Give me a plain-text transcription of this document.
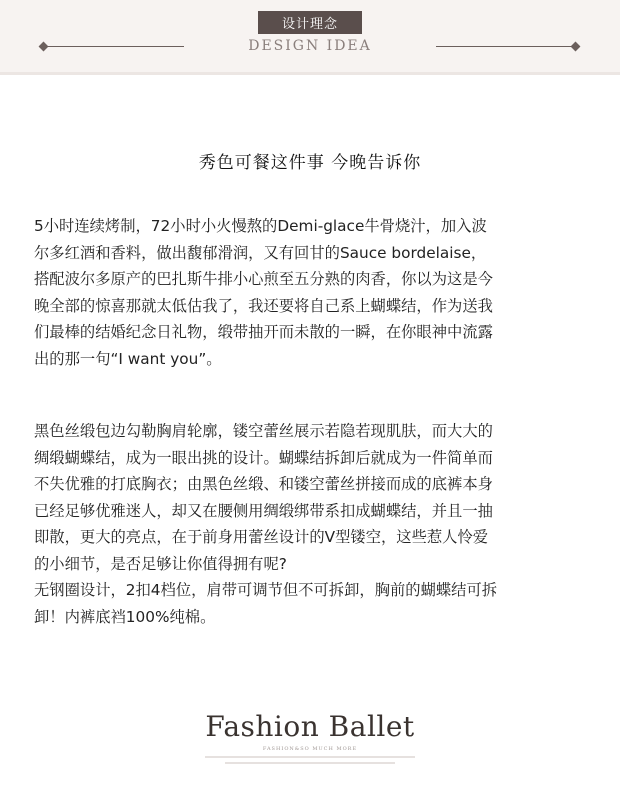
设计理念
DESIGN IDEA
秀色可餐这件事 今晚告诉你
5小时连续烤制，72小时小火慢熬的Demi-glace牛骨烧汁，加入波
尔多红酒和香料，做出馥郁滑润，又有回甘的Sauce bordelaise，
搭配波尔多原产的巴扎斯牛排小心煎至五分熟的肉香，你以为这是今
晚全部的惊喜那就太低估我了，我还要将自己系上蝴蝶结，作为送我
们最棒的结婚纪念日礼物，缎带抽开而未散的一瞬，在你眼神中流露
出的那一句“I want you”。
黑色丝缎包边勾勒胸肩轮廓，镂空蕾丝展示若隐若现肌肤，而大大的
绸缎蝴蝶结，成为一眼出挑的设计。蝴蝶结拆卸后就成为一件简单而
不失优雅的打底胸衣；由黑色丝缎、和镂空蕾丝拼接而成的底裤本身
已经足够优雅迷人，却又在腰侧用绸缎绑带系扣成蝴蝶结，并且一抽
即散，更大的亮点，在于前身用蕾丝设计的V型镂空，这些惹人怜爱
的小细节，是否足够让你值得拥有呢?
无钢圈设计，2扣4档位，肩带可调节但不可拆卸，胸前的蝴蝶结可拆
卸！内裤底裆100%纯棉。
Fashion Ballet
FASHION&SO MUCH MORE
